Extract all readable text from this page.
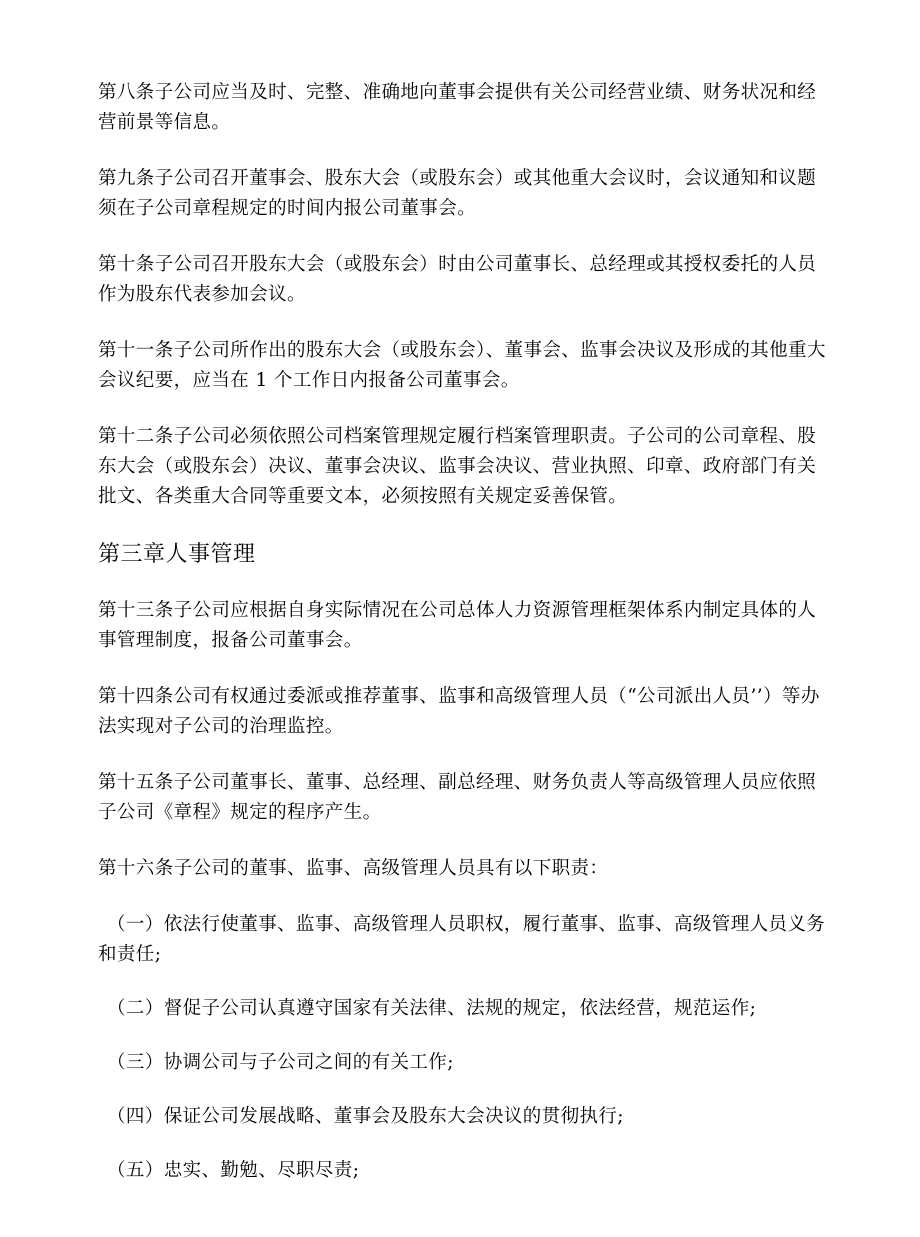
第八条子公司应当及时、完整、准确地向董事会提供有关公司经营业绩、财务状况和经营前景等信息。

第九条子公司召开董事会、股东大会（或股东会）或其他重大会议时，会议通知和议题须在子公司章程规定的时间内报公司董事会。

第十条子公司召开股东大会（或股东会）时由公司董事长、总经理或其授权委托的人员作为股东代表参加会议。

第十一条子公司所作出的股东大会（或股东会）、董事会、监事会决议及形成的其他重大会议纪要，应当在 1 个工作日内报备公司董事会。

第十二条子公司必须依照公司档案管理规定履行档案管理职责。子公司的公司章程、股东大会（或股东会）决议、董事会决议、监事会决议、营业执照、印章、政府部门有关批文、各类重大合同等重要文本，必须按照有关规定妥善保管。

第三章人事管理

第十三条子公司应根据自身实际情况在公司总体人力资源管理框架体系内制定具体的人事管理制度，报备公司董事会。

第十四条公司有权通过委派或推荐董事、监事和高级管理人员（“公司派出人员’’）等办法实现对子公司的治理监控。

第十五条子公司董事长、董事、总经理、副总经理、财务负责人等高级管理人员应依照子公司《章程》规定的程序产生。

第十六条子公司的董事、监事、高级管理人员具有以下职责：

（一）依法行使董事、监事、高级管理人员职权，履行董事、监事、高级管理人员义务和责任;

（二）督促子公司认真遵守国家有关法律、法规的规定，依法经营，规范运作;

（三）协调公司与子公司之间的有关工作;

（四）保证公司发展战略、董事会及股东大会决议的贯彻执行;

（五）忠实、勤勉、尽职尽责;
